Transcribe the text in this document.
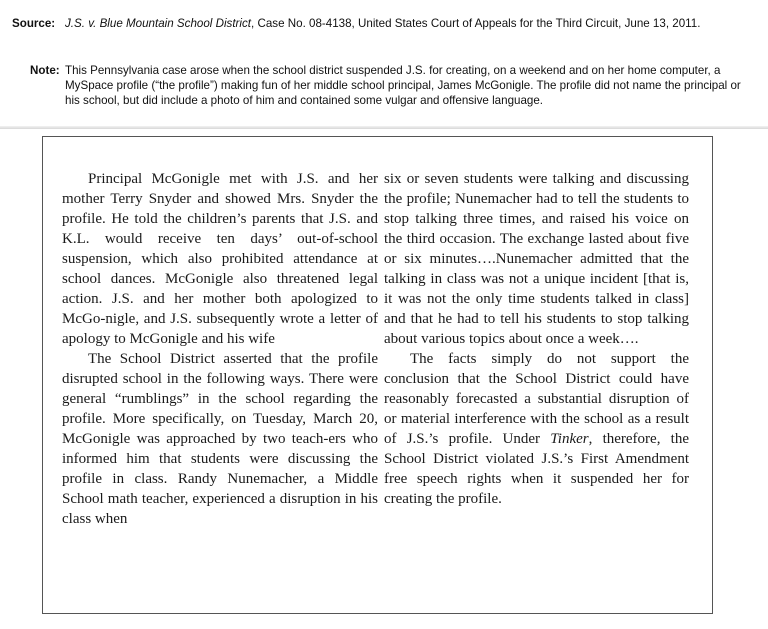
Source: J.S. v. Blue Mountain School District, Case No. 08-4138, United States Court of Appeals for the Third Circuit, June 13, 2011.
Note: This Pennsylvania case arose when the school district suspended J.S. for creating, on a weekend and on her home computer, a MySpace profile (“the profile”) making fun of her middle school principal, James McGonigle. The profile did not name the principal or his school, but did include a photo of him and contained some vulgar and offensive language.

Principal McGonigle met with J.S. and her mother Terry Snyder and showed Mrs. Snyder the profile. He told the children’s parents that J.S. and K.L. would receive ten days’ out-of-school suspension, which also prohibited attendance at school dances. McGonigle also threatened legal action. J.S. and her mother both apologized to McGo-nigle, and J.S. subsequently wrote a letter of apology to McGonigle and his wife

The School District asserted that the profile disrupted school in the following ways. There were general “rumblings” in the school regarding the profile. More specifically, on Tuesday, March 20, McGonigle was approached by two teach-ers who informed him that students were discussing the profile in class. Randy Nunemacher, a Middle School math teacher, experienced a disruption in his class when

six or seven students were talking and discussing the profile; Nunemacher had to tell the students to stop talking three times, and raised his voice on the third occasion. The exchange lasted about five or six minutes….Nunemacher admitted that the talking in class was not a unique incident [that is, it was not the only time students talked in class] and that he had to tell his students to stop talking about various topics about once a week….

The facts simply do not support the conclusion that the School District could have reasonably forecasted a substantial disruption of or material interference with the school as a result of J.S.’s profile. Under Tinker, therefore, the School District violated J.S.’s First Amendment free speech rights when it suspended her for creating the profile.
